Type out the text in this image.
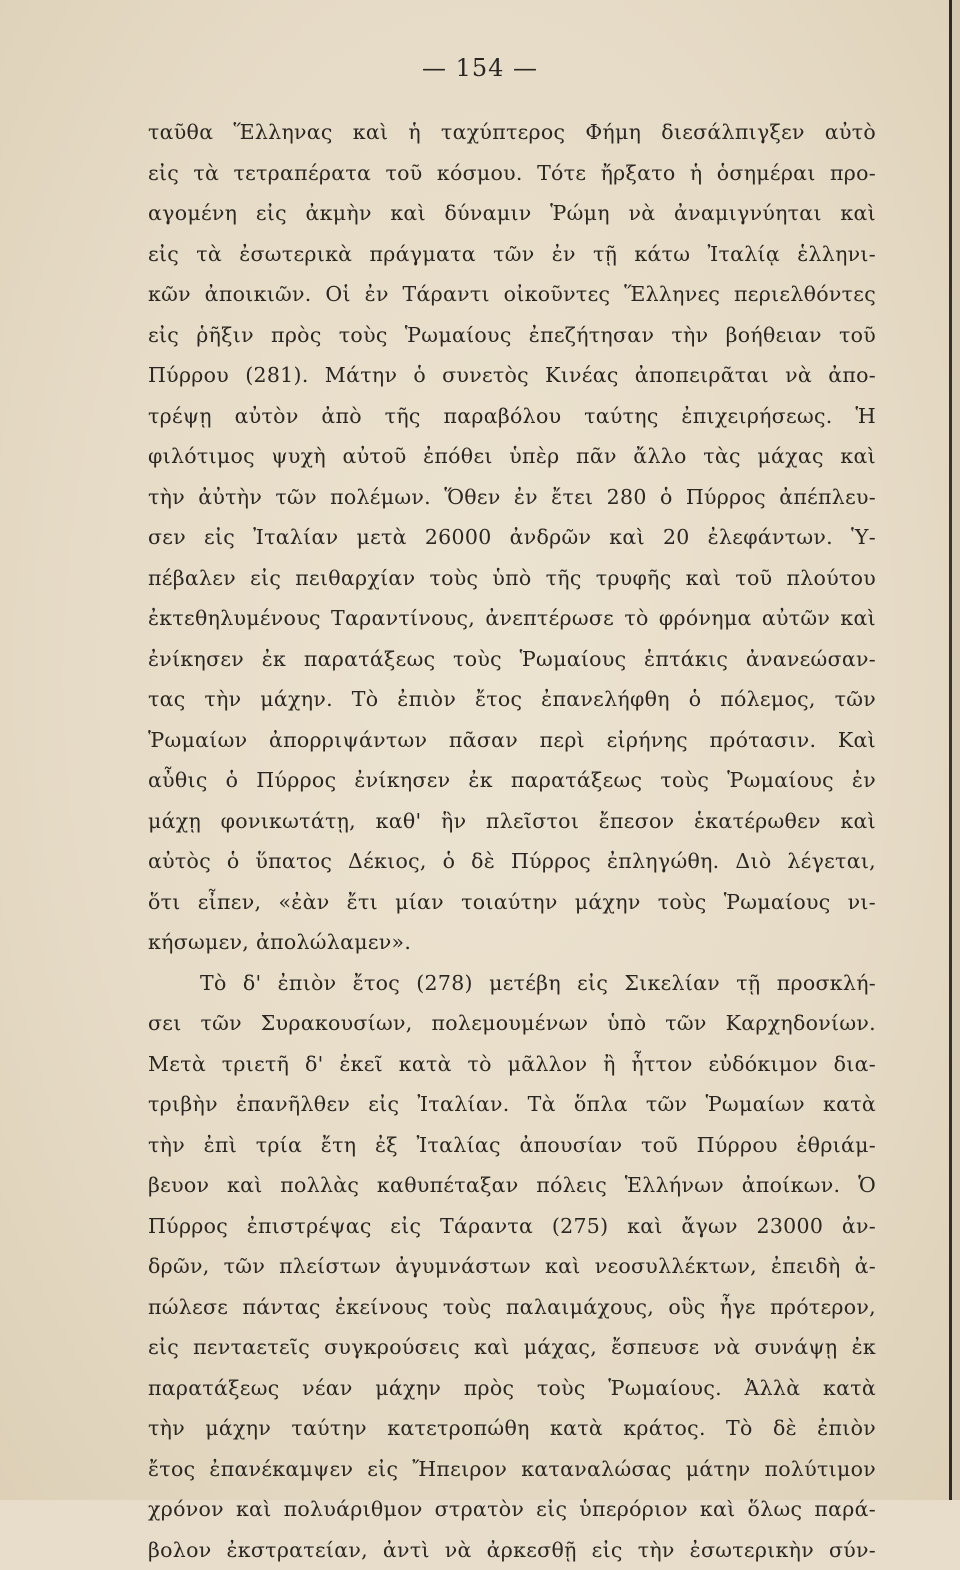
— 154 —
ταῦθα Ἕλληνας καὶ ἡ ταχύπτερος Φήμη διεσάλπιγξεν αὐτὸ
εἰς τὰ τετραπέρατα τοῦ κόσμου. Τότε ἤρξατο ἡ ὁσημέραι προ-
αγομένη εἰς ἀκμὴν καὶ δύναμιν Ῥώμη νὰ ἀναμιγνύηται καὶ
εἰς τὰ ἐσωτερικὰ πράγματα τῶν ἐν τῇ κάτω Ἰταλίᾳ ἑλληνι-
κῶν ἀποικιῶν. Οἱ ἐν Τάραντι οἰκοῦντες Ἕλληνες περιελθόντες
εἰς ῥῆξιν πρὸς τοὺς Ῥωμαίους ἐπεζήτησαν τὴν βοήθειαν τοῦ
Πύρρου (281). Μάτην ὁ συνετὸς Κινέας ἀποπειρᾶται νὰ ἀπο-
τρέψῃ αὐτὸν ἀπὸ τῆς παραβόλου ταύτης ἐπιχειρήσεως. Ἡ
φιλότιμος ψυχὴ αὐτοῦ ἐπόθει ὑπὲρ πᾶν ἄλλο τὰς μάχας καὶ
τὴν ἀὐτὴν τῶν πολέμων. Ὅθεν ἐν ἔτει 280 ὁ Πύρρος ἀπέπλευ-
σεν εἰς Ἰταλίαν μετὰ 26000 ἀνδρῶν καὶ 20 ἐλεφάντων. Ὑ-
πέβαλεν εἰς πειθαρχίαν τοὺς ὑπὸ τῆς τρυφῆς καὶ τοῦ πλούτου
ἐκτεθηλυμένους Ταραντίνους, ἀνεπτέρωσε τὸ φρόνημα αὐτῶν καὶ
ἐνίκησεν ἐκ παρατάξεως τοὺς Ῥωμαίους ἑπτάκις ἀνανεώσαν-
τας τὴν μάχην. Τὸ ἐπιὸν ἔτος ἐπανελήφθη ὁ πόλεμος, τῶν
Ῥωμαίων ἀπορριψάντων πᾶσαν περὶ εἰρήνης πρότασιν. Καὶ
αὖθις ὁ Πύρρος ἐνίκησεν ἐκ παρατάξεως τοὺς Ῥωμαίους ἐν
μάχῃ φονικωτάτῃ, καθ' ἣν πλεῖστοι ἔπεσον ἑκατέρωθεν καὶ
αὐτὸς ὁ ὕπατος Δέκιος, ὁ δὲ Πύρρος ἐπληγώθη. Διὸ λέγεται,
ὅτι εἶπεν, «ἐὰν ἔτι μίαν τοιαύτην μάχην τοὺς Ῥωμαίους νι-
κήσωμεν, ἀπολώλαμεν».
Τὸ δ' ἐπιὸν ἔτος (278) μετέβη εἰς Σικελίαν τῇ προσκλή-
σει τῶν Συρακουσίων, πολεμουμένων ὑπὸ τῶν Καρχηδονίων.
Μετὰ τριετῆ δ' ἐκεῖ κατὰ τὸ μᾶλλον ἢ ἧττον εὐδόκιμον δια-
τριβὴν ἐπανῆλθεν εἰς Ἰταλίαν. Τὰ ὅπλα τῶν Ῥωμαίων κατὰ
τὴν ἐπὶ τρία ἔτη ἐξ Ἰταλίας ἀπουσίαν τοῦ Πύρρου ἐθριάμ-
βευον καὶ πολλὰς καθυπέταξαν πόλεις Ἑλλήνων ἀποίκων. Ὁ
Πύρρος ἐπιστρέψας εἰς Τάραντα (275) καὶ ἄγων 23000 ἀν-
δρῶν, τῶν πλείστων ἀγυμνάστων καὶ νεοσυλλέκτων, ἐπειδὴ ἀ-
πώλεσε πάντας ἐκείνους τοὺς παλαιμάχους, οὓς ἦγε πρότερον,
εἰς πενταετεῖς συγκρούσεις καὶ μάχας, ἔσπευσε νὰ συνάψῃ ἐκ
παρατάξεως νέαν μάχην πρὸς τοὺς Ῥωμαίους. Ἀλλὰ κατὰ
τὴν μάχην ταύτην κατετροπώθη κατὰ κράτος. Τὸ δὲ ἐπιὸν
ἔτος ἐπανέκαμψεν εἰς Ἤπειρον καταναλώσας μάτην πολύτιμον
χρόνον καὶ πολυάριθμον στρατὸν εἰς ὑπερόριον καὶ ὅλως παρά-
βολον ἐκστρατείαν, ἀντὶ νὰ ἀρκεσθῇ εἰς τὴν ἐσωτερικὴν σύν-
